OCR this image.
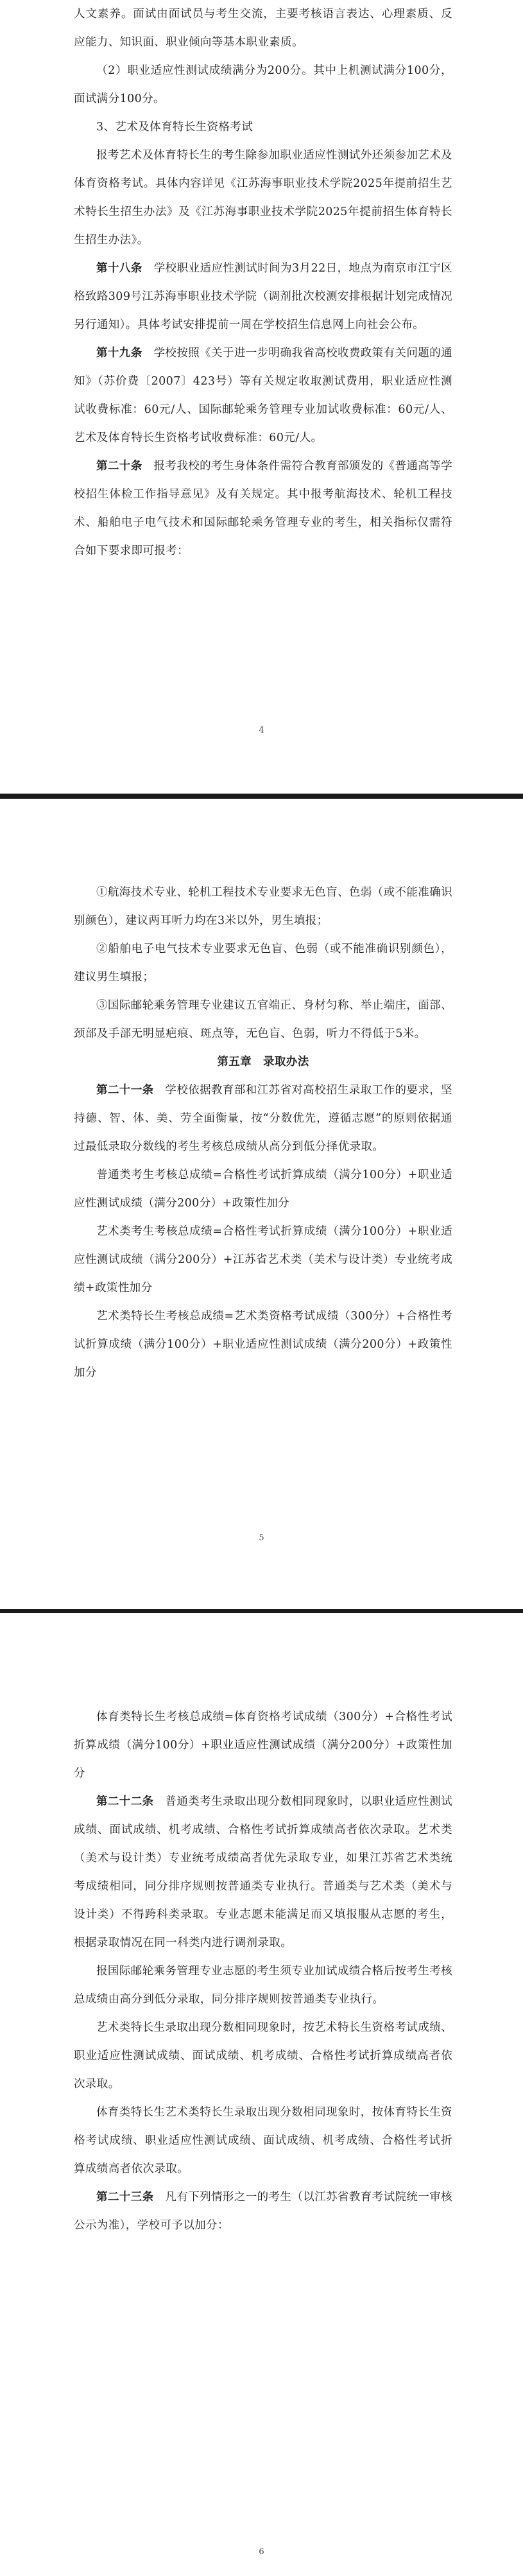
人文素养。面试由面试员与考生交流，主要考核语言表达、心理素质、反应能力、知识面、职业倾向等基本职业素质。

（2）职业适应性测试成绩满分为200分。其中上机测试满分100分，面试满分100分。

3、艺术及体育特长生资格考试

报考艺术及体育特长生的考生除参加职业适应性测试外还须参加艺术及体育资格考试。具体内容详见《江苏海事职业技术学院2025年提前招生艺术特长生招生办法》及《江苏海事职业技术学院2025年提前招生体育特长生招生办法》。

第十八条　 学校职业适应性测试时间为3月22日，地点为南京市江宁区格致路309号江苏海事职业技术学院（调剂批次校测安排根据计划完成情况另行通知）。具体考试安排提前一周在学校招生信息网上向社会公布。

第十九条　 学校按照《关于进一步明确我省高校收费政策有关问题的通知》（苏价费〔2007〕423号）等有关规定收取测试费用，职业适应性测试收费标准：60元/人、国际邮轮乘务管理专业加试收费标准：60元/人、艺术及体育特长生资格考试收费标准：60元/人。

第二十条　 报考我校的考生身体条件需符合教育部颁发的《普通高等学校招生体检工作指导意见》及有关规定。其中报考航海技术、轮机工程技术、船舶电子电气技术和国际邮轮乘务管理专业的考生，相关指标仅需符合如下要求即可报考：

4

①航海技术专业、轮机工程技术专业要求无色盲、色弱（或不能准确识别颜色），建议两耳听力均在3米以外，男生填报；

②船舶电子电气技术专业要求无色盲、色弱（或不能准确识别颜色），建议男生填报；

③国际邮轮乘务管理专业建议五官端正、身材匀称、举止端庄，面部、颈部及手部无明显疤痕、斑点等，无色盲、色弱，听力不得低于5米。

第五章　录取办法

第二十一条　 学校依据教育部和江苏省对高校招生录取工作的要求，坚持德、智、体、美、劳全面衡量，按“分数优先，遵循志愿”的原则依据通过最低录取分数线的考生考核总成绩从高分到低分择优录取。

普通类考生考核总成绩=合格性考试折算成绩（满分100分）+职业适应性测试成绩（满分200分）+政策性加分

艺术类考生考核总成绩=合格性考试折算成绩（满分100分）+职业适应性测试成绩（满分200分）+江苏省艺术类（美术与设计类）专业统考成绩+政策性加分

艺术类特长生考核总成绩=艺术类资格考试成绩（300分）+合格性考试折算成绩（满分100分）+职业适应性测试成绩（满分200分）+政策性加分

5

体育类特长生考核总成绩=体育资格考试成绩（300分）+合格性考试折算成绩（满分100分）+职业适应性测试成绩（满分200分）+政策性加分

第二十二条　 普通类考生录取出现分数相同现象时，以职业适应性测试成绩、面试成绩、机考成绩、合格性考试折算成绩高者依次录取。艺术类（美术与设计类）专业统考成绩高者优先录取专业，如果江苏省艺术类统考成绩相同，同分排序规则按普通类专业执行。普通类与艺术类（美术与设计类）不得跨科类录取。专业志愿未能满足而又填报服从志愿的考生，根据录取情况在同一科类内进行调剂录取。

报国际邮轮乘务管理专业志愿的考生须专业加试成绩合格后按考生考核总成绩由高分到低分录取，同分排序规则按普通类专业执行。

艺术类特长生录取出现分数相同现象时，按艺术特长生资格考试成绩、职业适应性测试成绩、面试成绩、机考成绩、合格性考试折算成绩高者依次录取。

体育类特长生艺术类特长生录取出现分数相同现象时，按体育特长生资格考试成绩、职业适应性测试成绩、面试成绩、机考成绩、合格性考试折算成绩高者依次录取。

第二十三条　 凡有下列情形之一的考生（以江苏省教育考试院统一审核公示为准），学校可予以加分：

6
